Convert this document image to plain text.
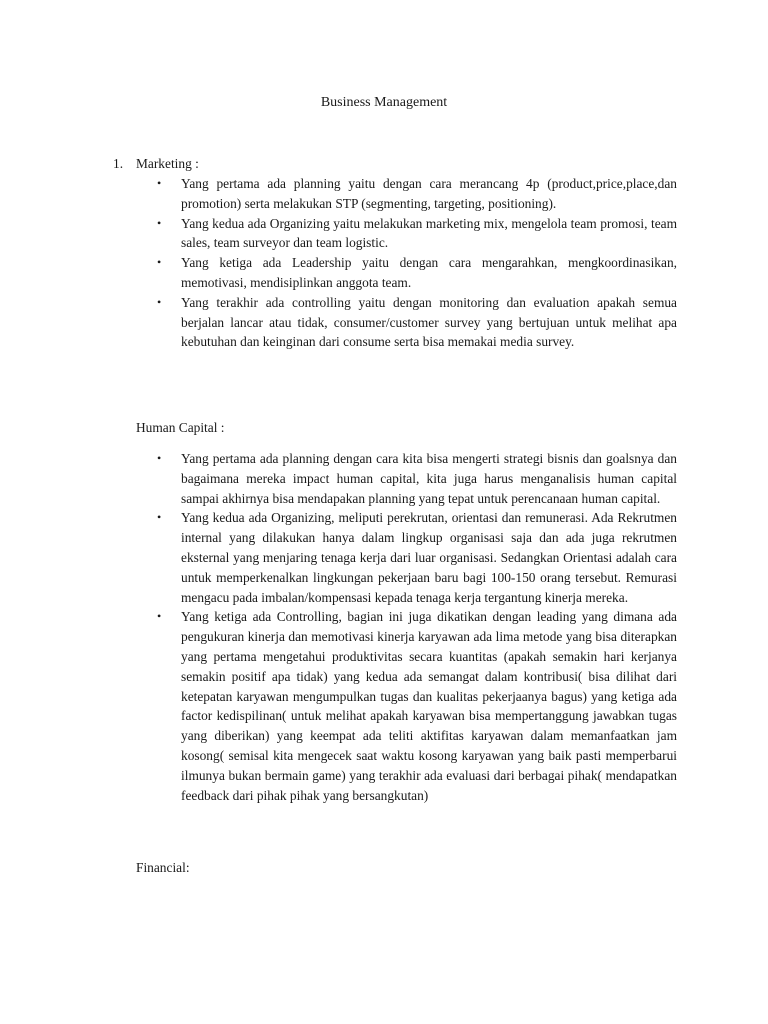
Business Management
1. Marketing :
• Yang pertama ada planning yaitu dengan cara merancang 4p (product,price,place,dan promotion) serta melakukan STP (segmenting, targeting, positioning).
• Yang kedua ada Organizing yaitu melakukan marketing mix, mengelola team promosi, team sales, team surveyor dan team logistic.
• Yang ketiga ada Leadership yaitu dengan cara mengarahkan, mengkoordinasikan, memotivasi, mendisiplinkan anggota team.
• Yang terakhir ada controlling yaitu dengan monitoring dan evaluation apakah semua berjalan lancar atau tidak, consumer/customer survey yang bertujuan untuk melihat apa kebutuhan dan keinginan dari consume serta bisa memakai media survey.
Human Capital :
• Yang pertama ada planning dengan cara kita bisa mengerti strategi bisnis dan goalsnya dan bagaimana mereka impact human capital, kita juga harus menganalisis human capital sampai akhirnya bisa mendapakan planning yang tepat untuk perencanaan human capital.
• Yang kedua ada Organizing, meliputi perekrutan, orientasi dan remunerasi. Ada Rekrutmen internal yang dilakukan hanya dalam lingkup organisasi saja dan ada juga rekrutmen eksternal yang menjaring tenaga kerja dari luar organisasi. Sedangkan Orientasi adalah cara untuk memperkenalkan lingkungan pekerjaan baru bagi 100-150 orang tersebut. Remurasi mengacu pada imbalan/kompensasi kepada tenaga kerja tergantung kinerja mereka.
• Yang ketiga ada Controlling, bagian ini juga dikatikan dengan leading yang dimana ada pengukuran kinerja dan memotivasi kinerja karyawan ada lima metode yang bisa diterapkan yang pertama mengetahui produktivitas secara kuantitas (apakah semakin hari kerjanya semakin positif apa tidak) yang kedua ada semangat dalam kontribusi( bisa dilihat dari ketepatan karyawan mengumpulkan tugas dan kualitas pekerjaanya bagus) yang ketiga ada factor kedispilinan( untuk melihat apakah karyawan bisa mempertanggung jawabkan tugas yang diberikan) yang keempat ada teliti aktifitas karyawan dalam memanfaatkan jam kosong( semisal kita mengecek saat waktu kosong karyawan yang baik pasti memperbarui ilmunya bukan bermain game) yang terakhir ada evaluasi dari berbagai pihak( mendapatkan feedback dari pihak pihak yang bersangkutan)
Financial:
